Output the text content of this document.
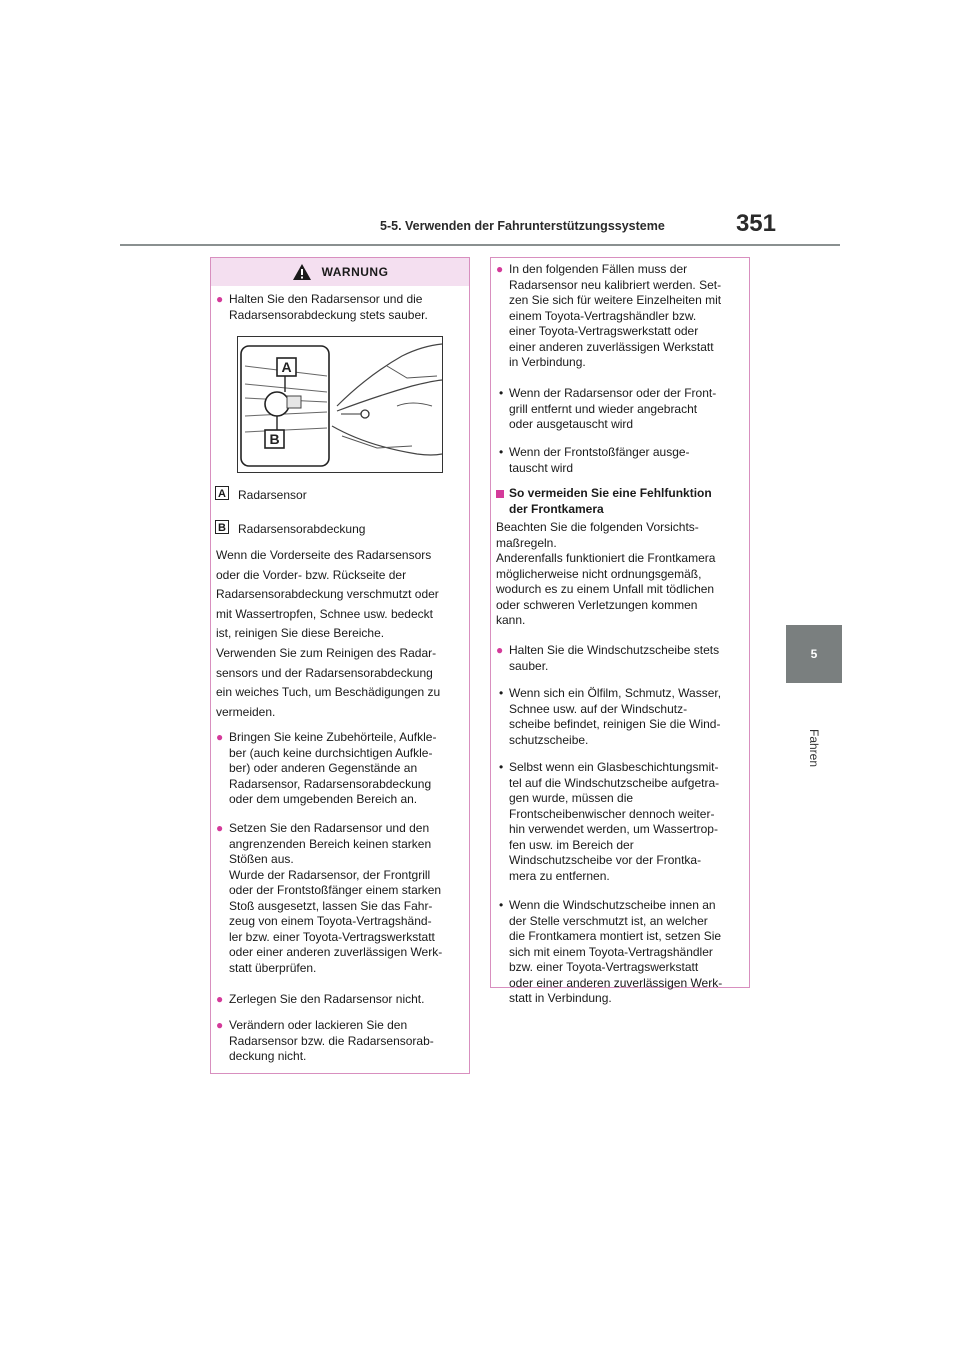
5-5. Verwenden der Fahrunterstützungssysteme	351
5
Fahren
WARNUNG
● Halten Sie den Radarsensor und die
Radarsensorabdeckung stets sauber.
A
B
A Radarsensor
B Radarsensorabdeckung
Wenn die Vorderseite des Radarsensors
oder die Vorder- bzw. Rückseite der
Radarsensorabdeckung verschmutzt oder
mit Wassertropfen, Schnee usw. bedeckt
ist, reinigen Sie diese Bereiche.
Verwenden Sie zum Reinigen des Radar-
sensors und der Radarsensorabdeckung
ein weiches Tuch, um Beschädigungen zu
vermeiden.
● Bringen Sie keine Zubehörteile, Aufkle-
ber (auch keine durchsichtigen Aufkle-
ber) oder anderen Gegenstände an
Radarsensor, Radarsensorabdeckung
oder dem umgebenden Bereich an.
● Setzen Sie den Radarsensor und den
angrenzenden Bereich keinen starken
Stößen aus.
Wurde der Radarsensor, der Frontgrill
oder der Frontstoßfänger einem starken
Stoß ausgesetzt, lassen Sie das Fahr-
zeug von einem Toyota-Vertragshänd-
ler bzw. einer Toyota-Vertragswerkstatt
oder einer anderen zuverlässigen Werk-
statt überprüfen.
● Zerlegen Sie den Radarsensor nicht.
● Verändern oder lackieren Sie den
Radarsensor bzw. die Radarsensorab-
deckung nicht.
● In den folgenden Fällen muss der
Radarsensor neu kalibriert werden. Set-
zen Sie sich für weitere Einzelheiten mit
einem Toyota-Vertragshändler bzw.
einer Toyota-Vertragswerkstatt oder
einer anderen zuverlässigen Werkstatt
in Verbindung.
• Wenn der Radarsensor oder der Front-
grill entfernt und wieder angebracht
oder ausgetauscht wird
• Wenn der Frontstoßfänger ausge-
tauscht wird
So vermeiden Sie eine Fehlfunktion
der Frontkamera
Beachten Sie die folgenden Vorsichts-
maßregeln.
Anderenfalls funktioniert die Frontkamera
möglicherweise nicht ordnungsgemäß,
wodurch es zu einem Unfall mit tödlichen
oder schweren Verletzungen kommen
kann.
● Halten Sie die Windschutzscheibe stets
sauber.
• Wenn sich ein Ölfilm, Schmutz, Wasser,
Schnee usw. auf der Windschutz-
scheibe befindet, reinigen Sie die Wind-
schutzscheibe.
• Selbst wenn ein Glasbeschichtungsmit-
tel auf die Windschutzscheibe aufgetra-
gen wurde, müssen die
Frontscheibenwischer dennoch weiter-
hin verwendet werden, um Wassertrop-
fen usw. im Bereich der
Windschutzscheibe vor der Frontka-
mera zu entfernen.
• Wenn die Windschutzscheibe innen an
der Stelle verschmutzt ist, an welcher
die Frontkamera montiert ist, setzen Sie
sich mit einem Toyota-Vertragshändler
bzw. einer Toyota-Vertragswerkstatt
oder einer anderen zuverlässigen Werk-
statt in Verbindung.
